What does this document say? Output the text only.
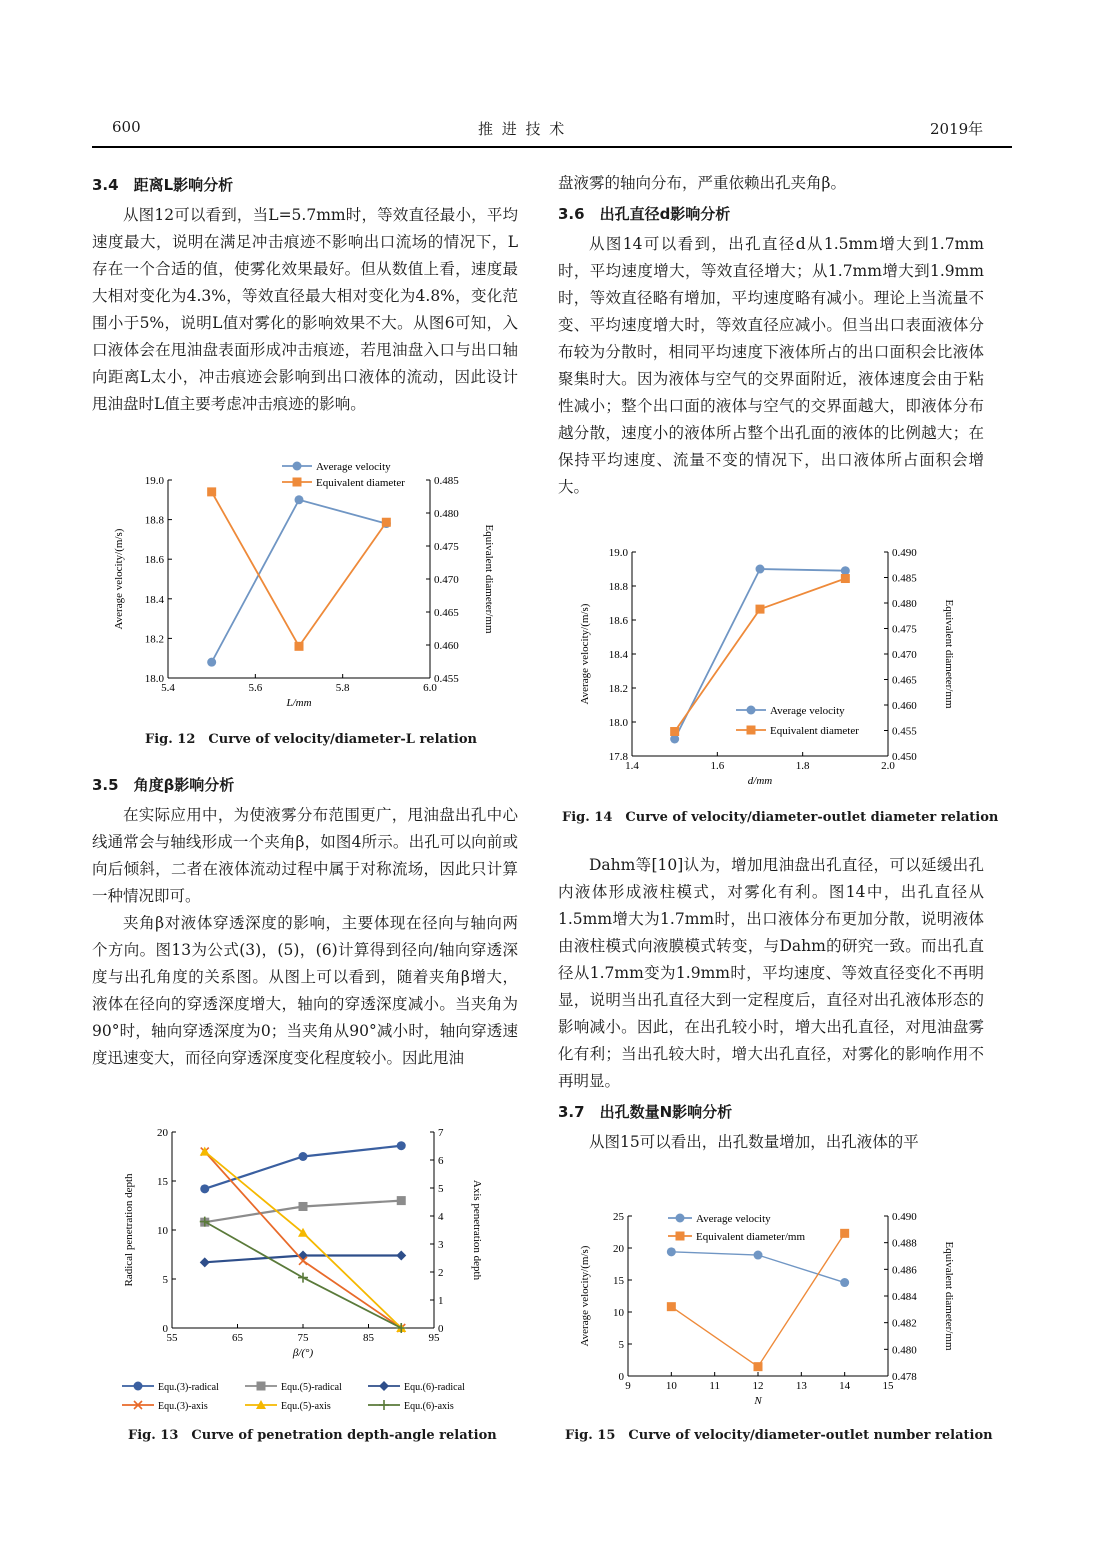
600	推 进 技 术	2019年
3.4　距离L影响分析

从图12可以看到，当L=5.7mm时，等效直径最小，平均速度最大，说明在满足冲击痕迹不影响出口流场的情况下，L存在一个合适的值，使雾化效果最好。但从数值上看，速度最大相对变化为4.3%，等效直径最大相对变化为4.8%，变化范围小于5%，说明L值对雾化的影响效果不大。从图6可知，入口液体会在甩油盘表面形成冲击痕迹，若甩油盘入口与出口轴向距离L太小，冲击痕迹会影响到出口液体的流动，因此设计甩油盘时L值主要考虑冲击痕迹的影响。

3.5　角度β影响分析

在实际应用中，为使液雾分布范围更广，甩油盘出孔中心线通常会与轴线形成一个夹角β，如图4所示。出孔可以向前或向后倾斜，二者在液体流动过程中属于对称流场，因此只计算一种情况即可。

夹角β对液体穿透深度的影响，主要体现在径向与轴向两个方向。图13为公式(3)，(5)，(6)计算得到径向/轴向穿透深度与出孔角度的关系图。从图上可以看到，随着夹角β增大，液体在径向的穿透深度增大，轴向的穿透深度减小。当夹角为90°时，轴向穿透深度为0；当夹角从90°减小时，轴向穿透速度迅速变大，而径向穿透深度变化程度较小。因此甩油

盘液雾的轴向分布，严重依赖出孔夹角β。

3.6　出孔直径d影响分析

从图14可以看到，出孔直径d从1.5mm增大到1.7mm时，平均速度增大，等效直径增大；从1.7mm增大到1.9mm时，等效直径略有增加，平均速度略有减小。理论上当流量不变、平均速度增大时，等效直径应减小。但当出口表面液体分布较为分散时，相同平均速度下液体所占的出口面积会比液体聚集时大。因为液体与空气的交界面附近，液体速度会由于粘性减小；整个出口面的液体与空气的交界面越大，即液体分布越分散，速度小的液体所占整个出孔面的液体的比例越大；在保持平均速度、流量不变的情况下，出口液体所占面积会增大。

Dahm等[10]认为，增加甩油盘出孔直径，可以延缓出孔内液体形成液柱模式，对雾化有利。图14中，出孔直径从1.5mm增大为1.7mm时，出口液体分布更加分散，说明液体由液柱模式向液膜模式转变，与Dahm的研究一致。而出孔直径从1.7mm变为1.9mm时，平均速度、等效直径变化不再明显，说明当出孔直径大到一定程度后，直径对出孔液体形态的影响减小。因此，在出孔较小时，增大出孔直径，对甩油盘雾化有利；当出孔较大时，增大出孔直径，对雾化的影响作用不再明显。

3.7　出孔数量N影响分析

从图15可以看出，出孔数量增加，出孔液体的平

5.4	5.6	5.8	6.0
18.0
18.2
18.4
18.6
18.8
19.0
0.455
0.460
0.465
0.470
0.475
0.480
0.485
L/mm
Average velocity/(m/s)	Equivalent diameter/mm
Average velocity
Equivalent diameter
Fig. 12　Curve of velocity/diameter-L relation
55	65	75	85	95
0
5
10
15
20
0
1
2
3
4
5
6
7
β/(°)
Radical penetration depth	Axis penetration depth
Equ.(3)-radical	Equ.(5)-radical	Equ.(6)-radical
Equ.(3)-axis	Equ.(5)-axis	Equ.(6)-axis
Fig. 13　Curve of penetration depth-angle relation
1.4	1.6	1.8	2.0
17.8
18.0
18.2
18.4
18.6
18.8
19.0
0.450
0.455
0.460
0.465
0.470
0.475
0.480
0.485
0.490
d/mm
Average velocity/(m/s)	Equivalent diameter/mm
Average velocity
Equivalent diameter
Fig. 14　Curve of velocity/diameter-outlet diameter relation
9	10	11	12	13	14	15
0
5
10
15
20
25
0.478
0.480
0.482
0.484
0.486
0.488
0.490
N
Average velocity/(m/s)	Equivalent diameter/mm
Average velocity
Equivalent diameter/mm
Fig. 15　Curve of velocity/diameter-outlet number relation
